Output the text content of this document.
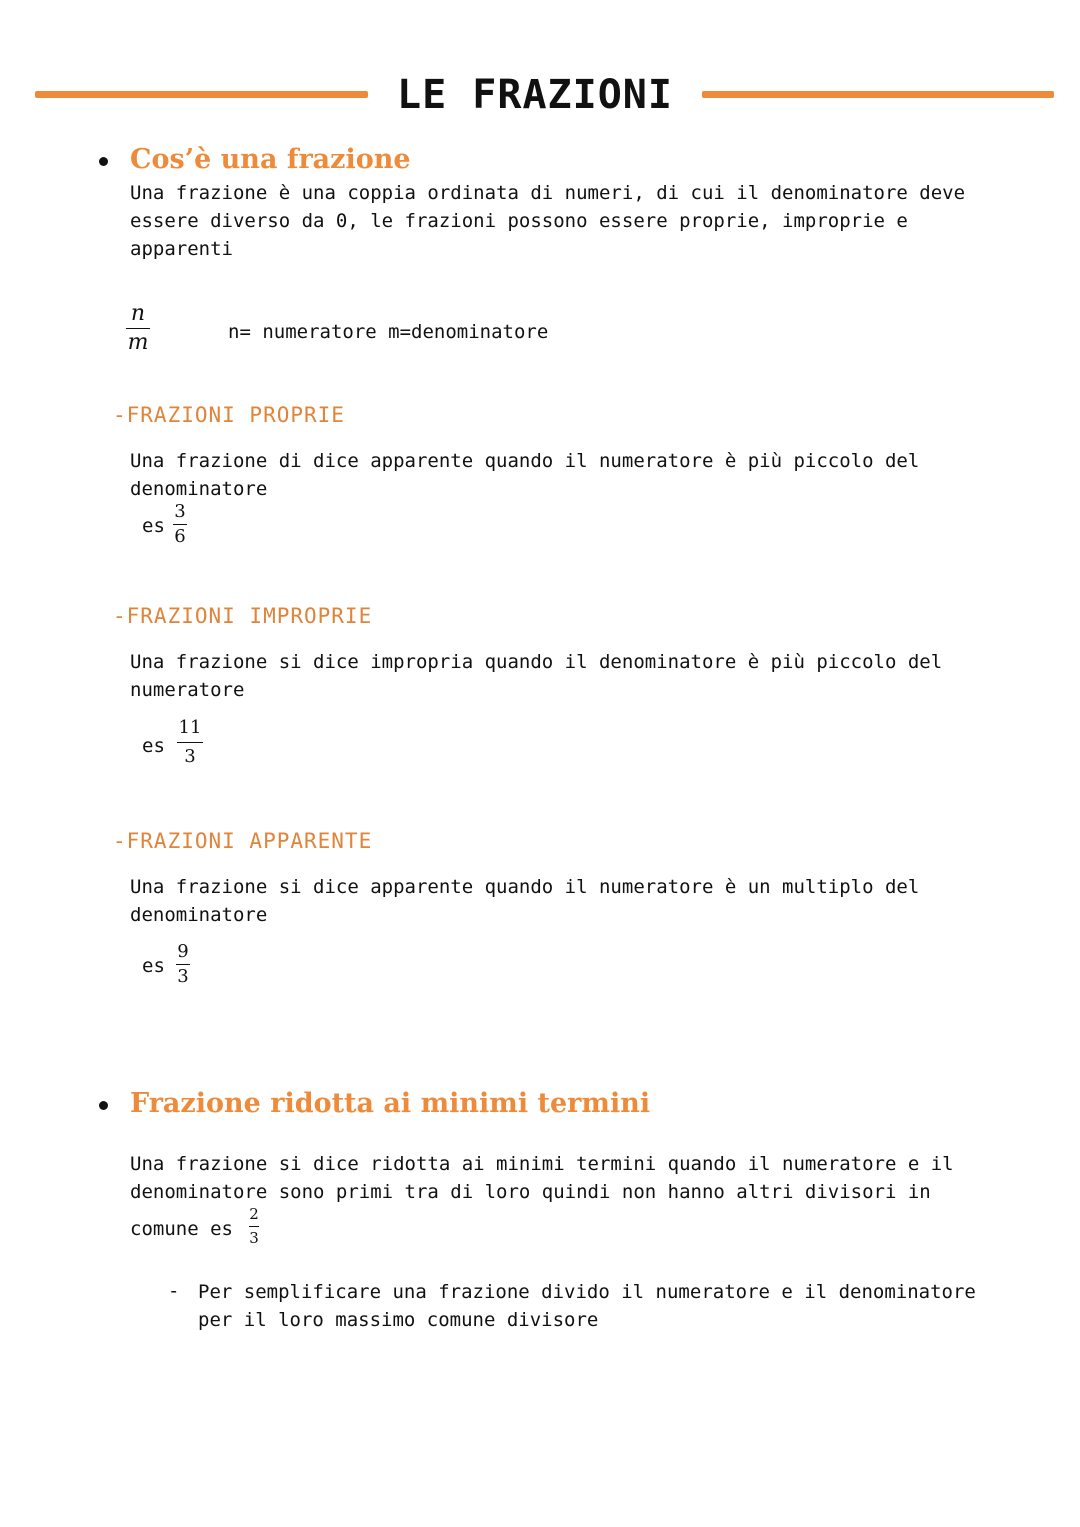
LE FRAZIONI
Cos’è una frazione
Una frazione è una coppia ordinata di numeri, di cui il denominatore deve
essere diverso da 0, le frazioni possono essere proprie, improprie e
apparenti
n
m	n= numeratore m=denominatore
-FRAZIONI PROPRIE
Una frazione di dice apparente quando il numeratore è più piccolo del
denominatore
es
3
6
-FRAZIONI IMPROPRIE
Una frazione si dice impropria quando il denominatore è più piccolo del
numeratore
es
11
3
-FRAZIONI APPARENTE
Una frazione si dice apparente quando il numeratore è un multiplo del
denominatore
es
9
3
Frazione ridotta ai minimi termini
Una frazione si dice ridotta ai minimi termini quando il numeratore e il
denominatore sono primi tra di loro quindi non hanno altri divisori in
comune es
2
3
- Per semplificare una frazione divido il numeratore e il denominatore
per il loro massimo comune divisore
